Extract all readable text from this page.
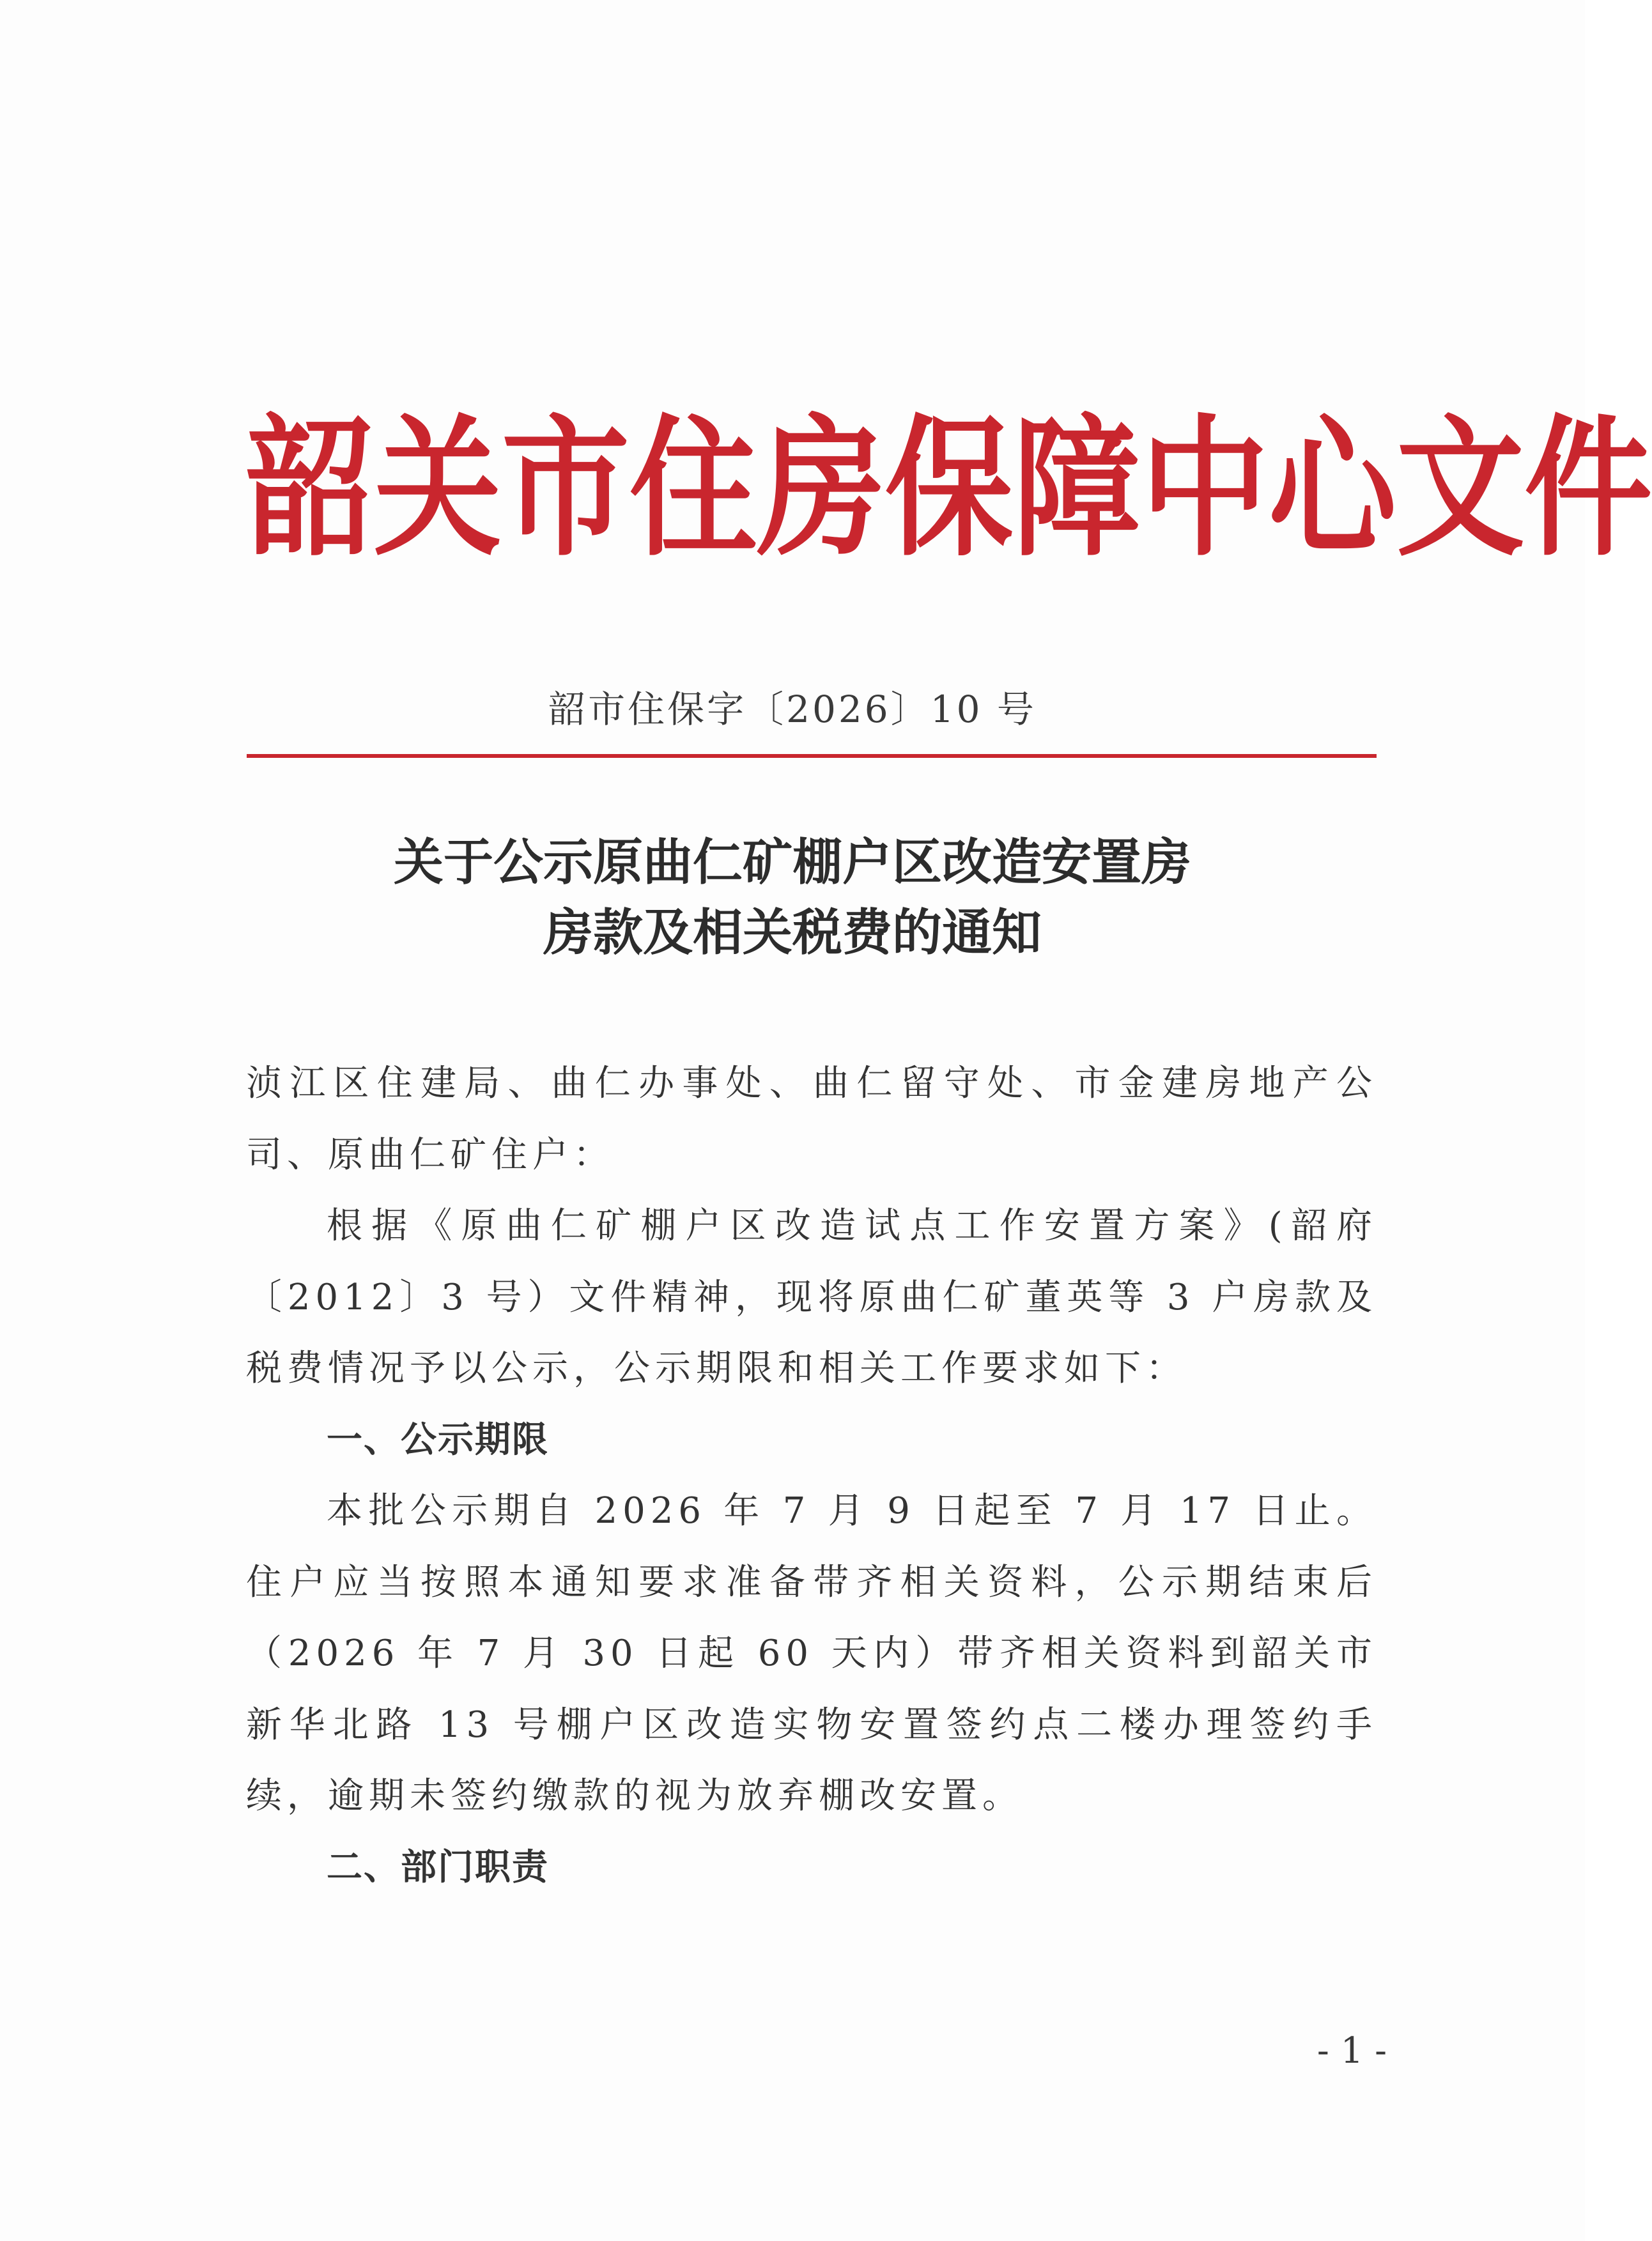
韶 关 市 住 房 保 障 中 心 文 件
韶市住保字〔2026〕10 号
关于公示原曲仁矿棚户区改造安置房
房款及相关税费的通知

浈江区住建局、曲仁办事处、曲仁留守处、市金建房地产公司、原曲仁矿住户：

根据《原曲仁矿棚户区改造试点工作安置方案》(韶府〔2012〕3 号）文件精神，现将原曲仁矿董英等 3 户房款及税费情况予以公示，公示期限和相关工作要求如下：

一、公示期限

本批公示期自 2026 年 7 月 9 日起至 7 月 17 日止。住户应当按照本通知要求准备带齐相关资料，公示期结束后（2026 年 7 月 30 日起 60 天内）带齐相关资料到韶关市新华北路 13 号棚户区改造实物安置签约点二楼办理签约手续，逾期未签约缴款的视为放弃棚改安置。

二、部门职责

- 1 -
